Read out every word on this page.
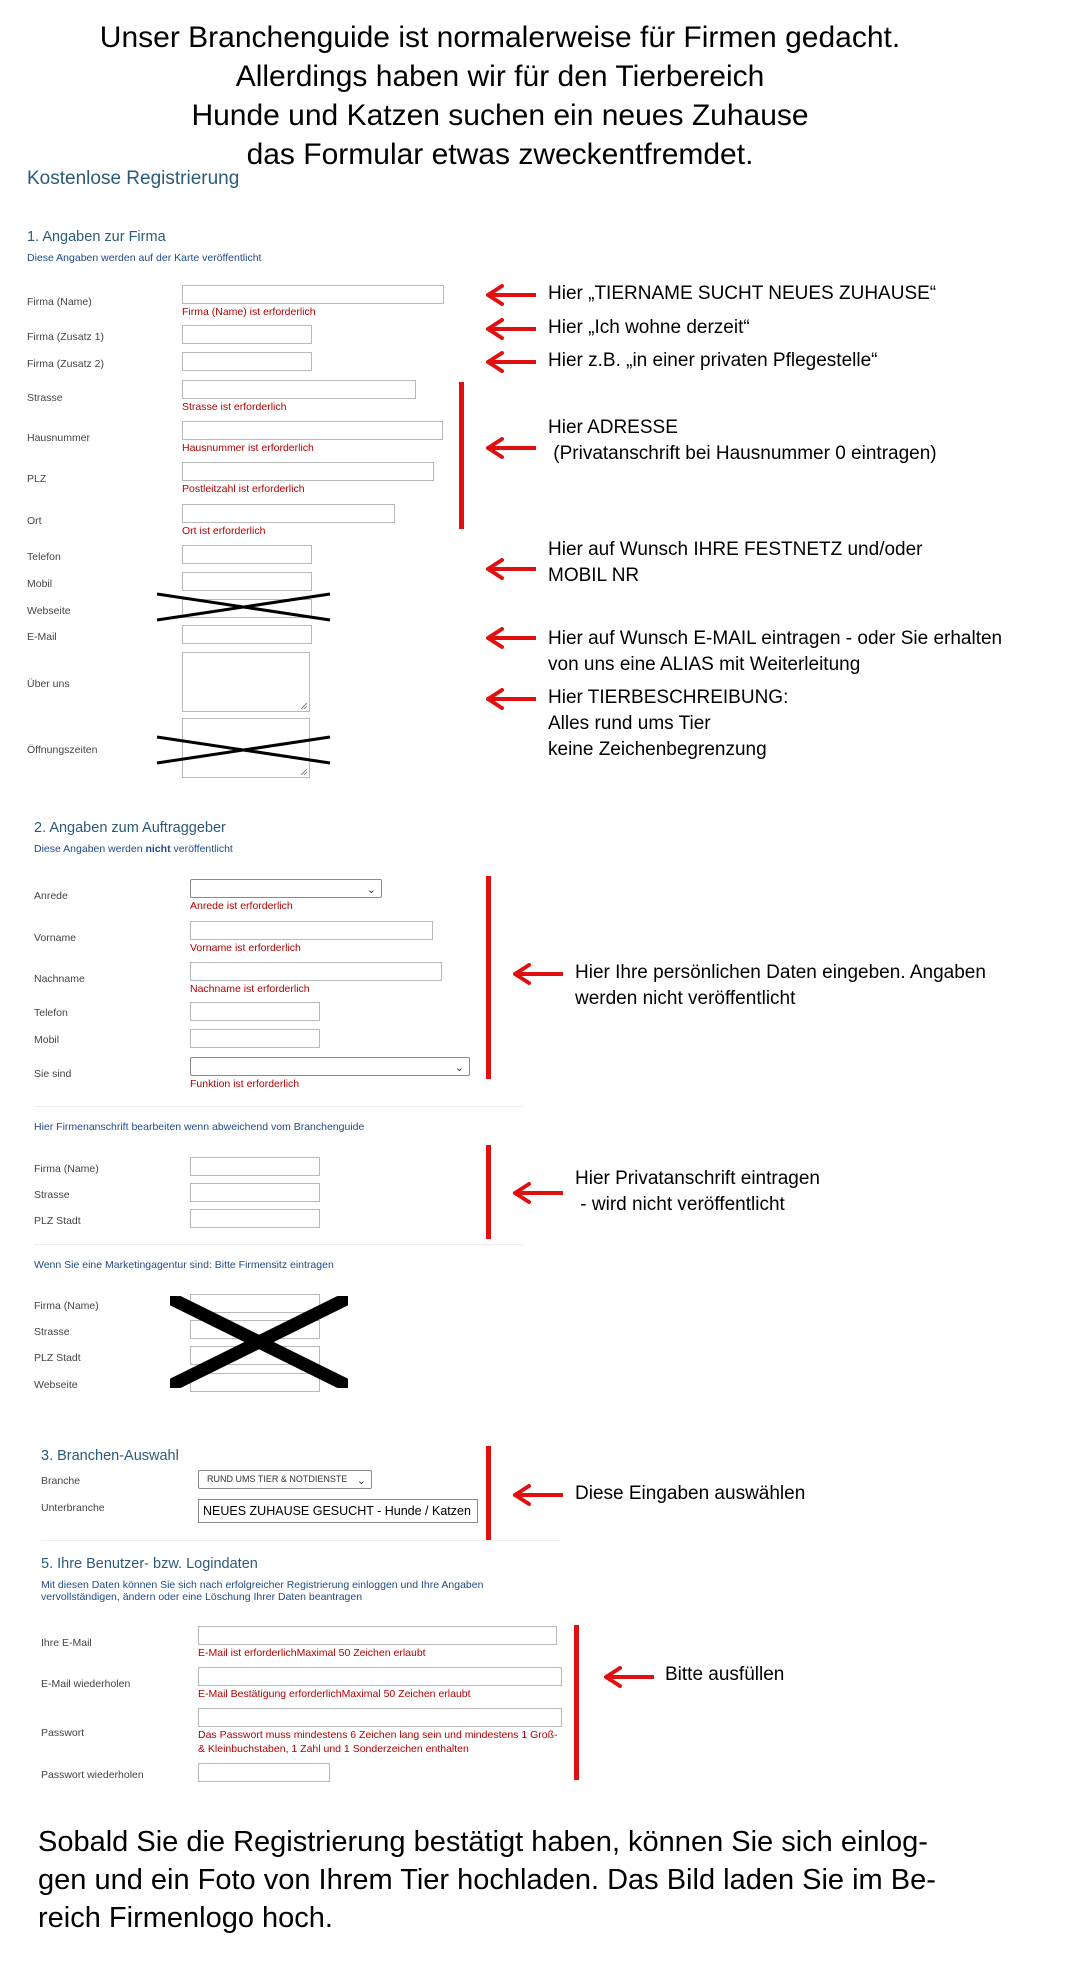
Unser Branchenguide ist normalerweise für Firmen gedacht.
Allerdings haben wir für den Tierbereich
Hunde und Katzen suchen ein neues Zuhause
das Formular etwas zweckentfremdet.
Kostenlose Registrierung
1. Angaben zur Firma
Diese Angaben werden auf der Karte veröffentlicht
Firma (Name)
Firma (Name) ist erforderlich
Firma (Zusatz 1)
Firma (Zusatz 2)
Strasse
Strasse ist erforderlich
Hausnummer
Hausnummer ist erforderlich
PLZ
Postleitzahl ist erforderlich
Ort
Ort ist erforderlich
Telefon
Mobil
Webseite
E-Mail
Über uns
Öffnungszeiten
Hier „TIERNAME SUCHT NEUES ZUHAUSE“
Hier „Ich wohne derzeit“
Hier z.B. „in einer privaten Pflegestelle“
Hier ADRESSE
(Privatanschrift bei Hausnummer 0 eintragen)
Hier auf Wunsch IHRE FESTNETZ und/oder
MOBIL NR
Hier auf Wunsch E-MAIL eintragen - oder Sie erhalten
von uns eine ALIAS mit Weiterleitung
Hier TIERBESCHREIBUNG:
Alles rund ums Tier
keine Zeichenbegrenzung
2. Angaben zum Auftraggeber
Diese Angaben werden nicht veröffentlicht
Anrede	⌄
Anrede ist erforderlich
Vorname
Vorname ist erforderlich
Nachname
Nachname ist erforderlich
Telefon
Mobil
Sie sind	⌄
Funktion ist erforderlich
Hier Ihre persönlichen Daten eingeben. Angaben
werden nicht veröffentlicht
Hier Firmenanschrift bearbeiten wenn abweichend vom Branchenguide
Firma (Name)
Strasse
PLZ Stadt
Hier Privatanschrift eintragen
- wird nicht veröffentlicht
Wenn Sie eine Marketingagentur sind: Bitte Firmensitz eintragen
Firma (Name)
Strasse
PLZ Stadt
Webseite
3. Branchen-Auswahl
Branche	RUND UMS TIER & NOTDIENSTE ⌄
Unterbranche	NEUES ZUHAUSE GESUCHT - Hunde / Katzen
Diese Eingaben auswählen
5. Ihre Benutzer- bzw. Logindaten
Mit diesen Daten können Sie sich nach erfolgreicher Registrierung einloggen und Ihre Angaben
vervollständigen, ändern oder eine Löschung Ihrer Daten beantragen
Ihre E-Mail
E-Mail ist erforderlichMaximal 50 Zeichen erlaubt
E-Mail wiederholen
E-Mail Bestätigung erforderlichMaximal 50 Zeichen erlaubt
Passwort	Das Passwort muss mindestens 6 Zeichen lang sein und mindestens 1 Groß-
& Kleinbuchstaben, 1 Zahl und 1 Sonderzeichen enthalten
Passwort wiederholen
Bitte ausfüllen
Sobald Sie die Registrierung bestätigt haben, können Sie sich einlog-
gen und ein Foto von Ihrem Tier hochladen. Das Bild laden Sie im Be-
reich Firmenlogo hoch.
